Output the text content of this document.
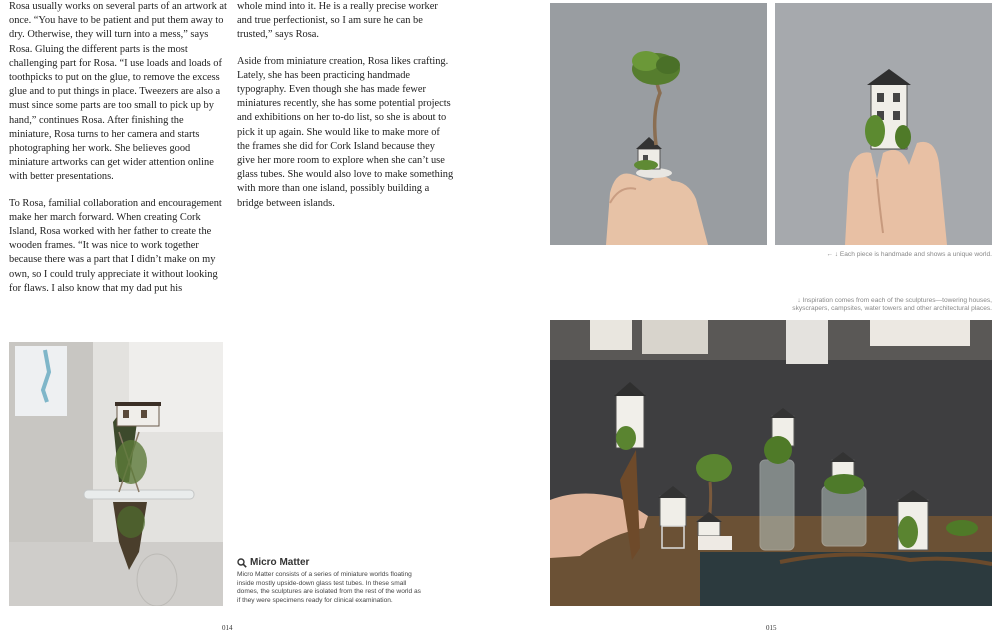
Rosa usually works on several parts of an artwork at once. “You have to be patient and put them away to dry. Otherwise, they will turn into a mess,” says Rosa. Gluing the different parts is the most challenging part for Rosa. “I use loads and loads of toothpicks to put on the glue, to remove the excess glue and to put things in place. Tweezers are also a must since some parts are too small to pick up by hand,” continues Rosa. After finishing the miniature, Rosa turns to her camera and starts photographing her work. She believes good miniature artworks can get wider attention online with better presentations.

To Rosa, familial collaboration and encouragement make her march forward. When creating Cork Island, Rosa worked with her father to create the wooden frames. “It was nice to work together because there was a part that I didn’t make on my own, so I could truly appreciate it without looking for flaws. I also know that my dad put his

whole mind into it. He is a really precise worker and true perfectionist, so I am sure he can be trusted,” says Rosa.

Aside from miniature creation, Rosa likes crafting. Lately, she has been practicing handmade typography. Even though she has made fewer miniatures recently, she has some potential projects and exhibitions on her to-do list, so she is about to pick it up again. She would like to make more of the frames she did for Cork Island because they give her more room to explore when she can’t use glass tubes. She would also love to make something with more than one island, possibly building a bridge between islands.

Micro Matter
Micro Matter consists of a series of miniature worlds floating inside mostly upside-down glass test tubes. In these small domes, the sculptures are isolated from the rest of the world as if they were specimens ready for clinical examination.
014
← ↓ Each piece is handmade and shows a unique world.
↓ Inspiration comes from each of the sculptures—towering houses, skyscrapers, campsites, water towers and other architectural places.
015
